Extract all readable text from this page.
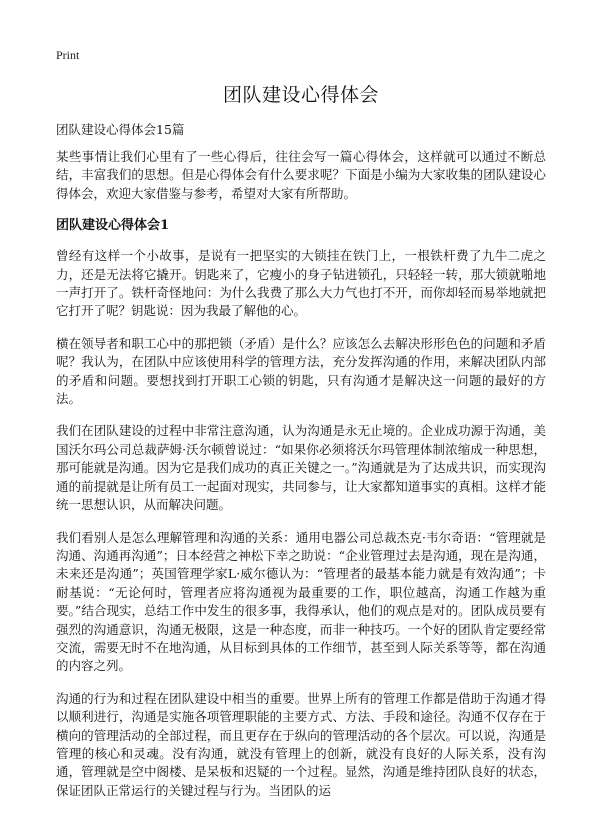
Print
团队建设心得体会
团队建设心得体会15篇

某些事情让我们心里有了一些心得后，往往会写一篇心得体会，这样就可以通过不断总结，丰富我们的思想。但是心得体会有什么要求呢？下面是小编为大家收集的团队建设心得体会，欢迎大家借鉴与参考，希望对大家有所帮助。

团队建设心得体会1

曾经有这样一个小故事，是说有一把坚实的大锁挂在铁门上，一根铁杆费了九牛二虎之力，还是无法将它撬开。钥匙来了，它瘦小的身子钻进锁孔，只轻轻一转，那大锁就啪地一声打开了。铁杆奇怪地问：为什么我费了那么大力气也打不开，而你却轻而易举地就把它打开了呢？钥匙说：因为我最了解他的心。

横在领导者和职工心中的那把锁（矛盾）是什么？应该怎么去解决形形色色的问题和矛盾呢？我认为，在团队中应该使用科学的管理方法，充分发挥沟通的作用，来解决团队内部的矛盾和问题。要想找到打开职工心锁的钥匙，只有沟通才是解决这一问题的最好的方法。

我们在团队建设的过程中非常注意沟通，认为沟通是永无止境的。企业成功源于沟通，美国沃尔玛公司总裁萨姆·沃尔顿曾说过：“如果你必须将沃尔玛管理体制浓缩成一种思想，那可能就是沟通。因为它是我们成功的真正关键之一。”沟通就是为了达成共识，而实现沟通的前提就是让所有员工一起面对现实，共同参与，让大家都知道事实的真相。这样才能统一思想认识，从而解决问题。

我们看别人是怎么理解管理和沟通的关系：通用电器公司总裁杰克·韦尔奇语：“管理就是沟通、沟通再沟通”；日本经营之神松下幸之助说：“企业管理过去是沟通，现在是沟通，未来还是沟通”；英国管理学家L·威尔德认为：“管理者的最基本能力就是有效沟通”；卡耐基说：“无论何时，管理者应将沟通视为最重要的工作，职位越高，沟通工作越为重要。”结合现实，总结工作中发生的很多事，我得承认，他们的观点是对的。团队成员要有强烈的沟通意识，沟通无极限，这是一种态度，而非一种技巧。一个好的团队肯定要经常交流，需要无时不在地沟通，从目标到具体的工作细节，甚至到人际关系等等，都在沟通的内容之列。

沟通的行为和过程在团队建设中相当的重要。世界上所有的管理工作都是借助于沟通才得以顺利进行，沟通是实施各项管理职能的主要方式、方法、手段和途径。沟通不仅存在于横向的管理活动的全部过程，而且更存在于纵向的管理活动的各个层次。可以说，沟通是管理的核心和灵魂。没有沟通，就没有管理上的创新，就没有良好的人际关系，没有沟通，管理就是空中阁楼、是呆板和迟疑的一个过程。显然，沟通是维持团队良好的状态，保证团队正常运行的关键过程与行为。当团队的运
